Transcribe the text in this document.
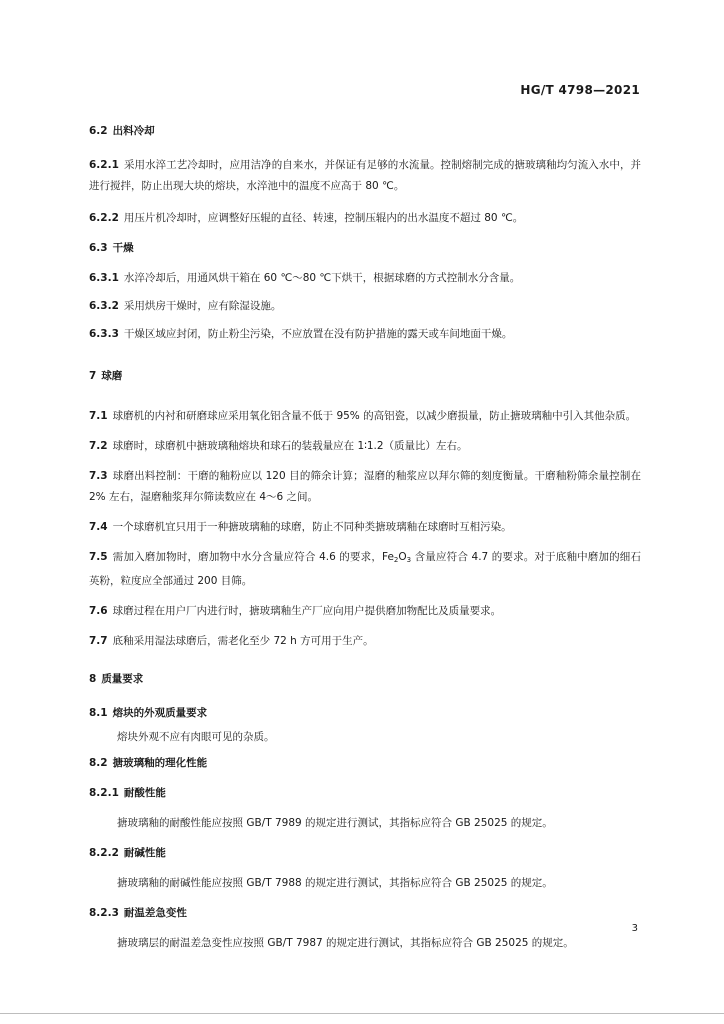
HG/T 4798—2021
6.2 出料冷却
6.2.1 采用水淬工艺冷却时，应用洁净的自来水，并保证有足够的水流量。控制熔制完成的搪玻璃釉均匀流入水中，并进行搅拌，防止出现大块的熔块，水淬池中的温度不应高于 80 ℃。
6.2.2 用压片机冷却时，应调整好压辊的直径、转速，控制压辊内的出水温度不超过 80 ℃。
6.3 干燥
6.3.1 水淬冷却后，用通风烘干箱在 60 ℃～80 ℃下烘干，根据球磨的方式控制水分含量。
6.3.2 采用烘房干燥时，应有除湿设施。
6.3.3 干燥区域应封闭，防止粉尘污染，不应放置在没有防护措施的露天或车间地面干燥。
7 球磨
7.1 球磨机的内衬和研磨球应采用氧化铝含量不低于 95% 的高铝瓷，以减少磨损量，防止搪玻璃釉中引入其他杂质。
7.2 球磨时，球磨机中搪玻璃釉熔块和球石的装载量应在 1∶1.2（质量比）左右。
7.3 球磨出料控制：干磨的釉粉应以 120 目的筛余计算；湿磨的釉浆应以拜尔筛的刻度衡量。干磨釉粉筛余量控制在 2% 左右，湿磨釉浆拜尔筛读数应在 4～6 之间。
7.4 一个球磨机宜只用于一种搪玻璃釉的球磨，防止不同种类搪玻璃釉在球磨时互相污染。
7.5 需加入磨加物时，磨加物中水分含量应符合 4.6 的要求，$Fe_2O_3$ 含量应符合 4.7 的要求。对于底釉中磨加的细石英粉，粒度应全部通过 200 目筛。
7.6 球磨过程在用户厂内进行时，搪玻璃釉生产厂应向用户提供磨加物配比及质量要求。
7.7 底釉采用湿法球磨后，需老化至少 72 h 方可用于生产。
8 质量要求
8.1 熔块的外观质量要求
熔块外观不应有肉眼可见的杂质。
8.2 搪玻璃釉的理化性能
8.2.1 耐酸性能
搪玻璃釉的耐酸性能应按照 GB/T 7989 的规定进行测试，其指标应符合 GB 25025 的规定。
8.2.2 耐碱性能
搪玻璃釉的耐碱性能应按照 GB/T 7988 的规定进行测试，其指标应符合 GB 25025 的规定。
8.2.3 耐温差急变性
搪玻璃层的耐温差急变性应按照 GB/T 7987 的规定进行测试，其指标应符合 GB 25025 的规定。
3
